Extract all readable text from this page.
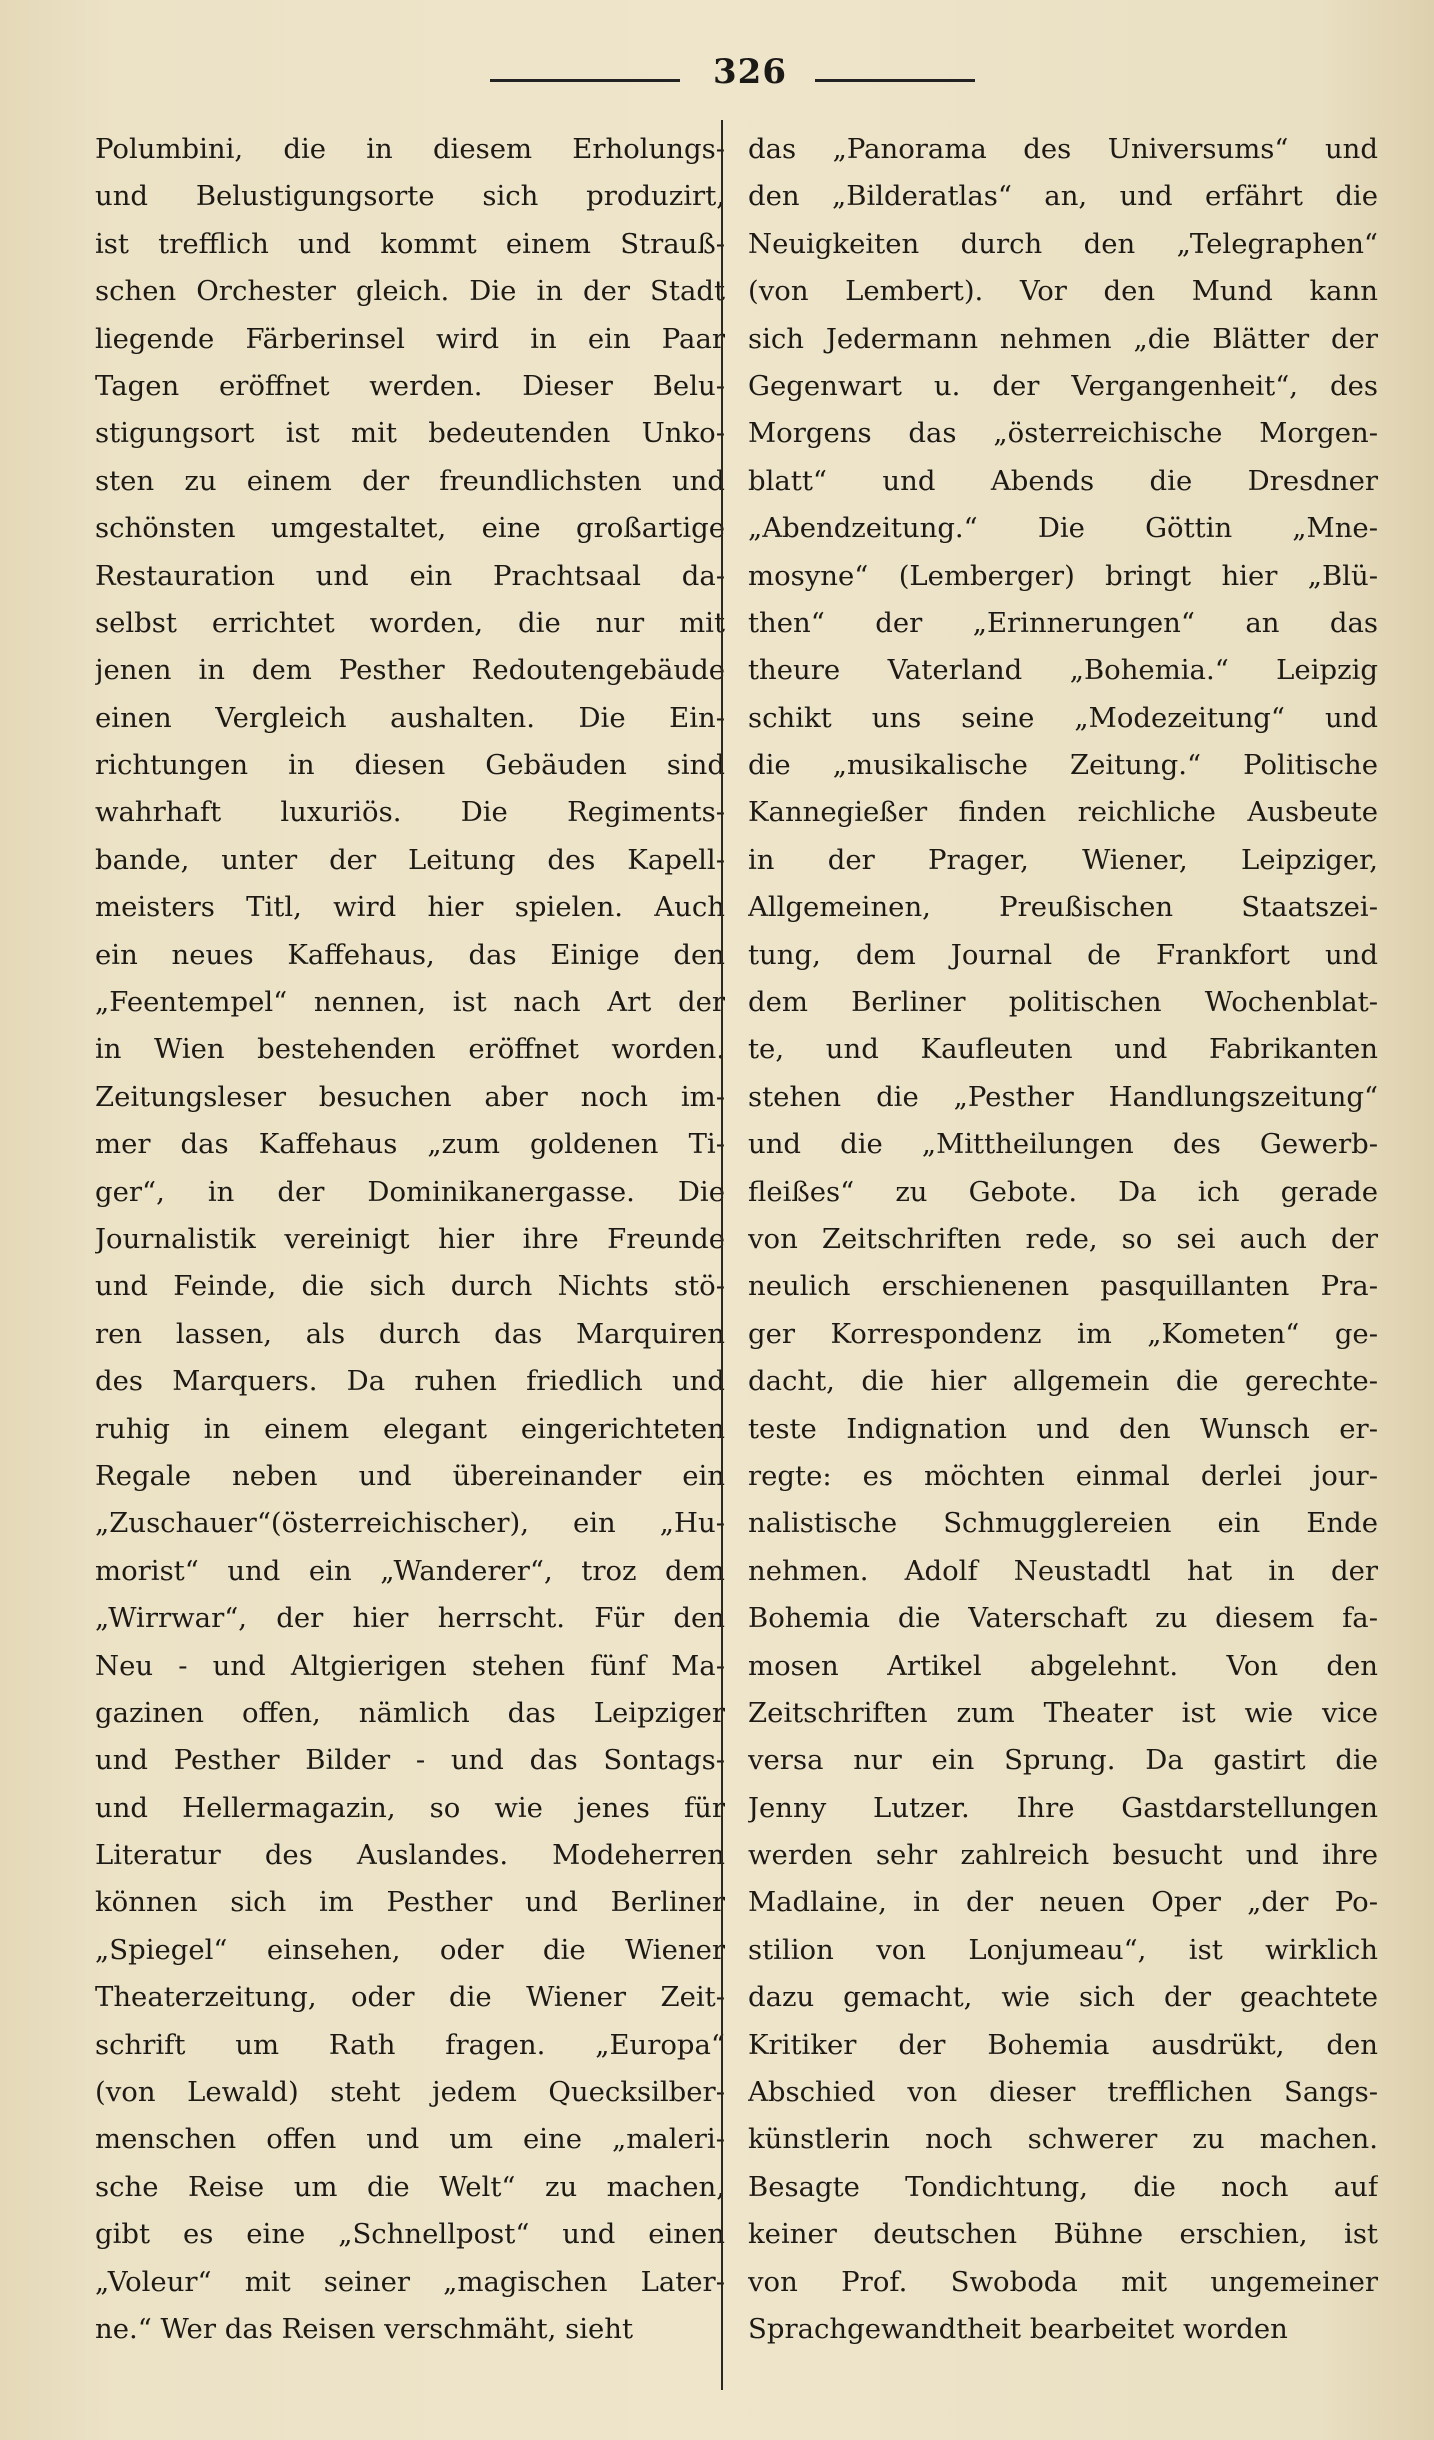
326
Polumbini, die in diesem Erholungs-
und Belustigungsorte sich produzirt,
ist trefflich und kommt einem Strauß-
schen Orchester gleich. Die in der Stadt
liegende Färberinsel wird in ein Paar
Tagen eröffnet werden. Dieser Belu-
stigungsort ist mit bedeutenden Unko-
sten zu einem der freundlichsten und
schönsten umgestaltet, eine großartige
Restauration und ein Prachtsaal da-
selbst errichtet worden, die nur mit
jenen in dem Pesther Redoutengebäude
einen Vergleich aushalten. Die Ein-
richtungen in diesen Gebäuden sind
wahrhaft luxuriös. Die Regiments-
bande, unter der Leitung des Kapell-
meisters Titl, wird hier spielen. Auch
ein neues Kaffehaus, das Einige den
„Feentempel“ nennen, ist nach Art der
in Wien bestehenden eröffnet worden.
Zeitungsleser besuchen aber noch im-
mer das Kaffehaus „zum goldenen Ti-
ger“, in der Dominikanergasse. Die
Journalistik vereinigt hier ihre Freunde
und Feinde, die sich durch Nichts stö-
ren lassen, als durch das Marquiren
des Marquers. Da ruhen friedlich und
ruhig in einem elegant eingerichteten
Regale neben und übereinander ein
„Zuschauer“(österreichischer), ein „Hu-
morist“ und ein „Wanderer“, troz dem
„Wirrwar“, der hier herrscht. Für den
Neu - und Altgierigen stehen fünf Ma-
gazinen offen, nämlich das Leipziger
und Pesther Bilder - und das Sontags-
und Hellermagazin, so wie jenes für
Literatur des Auslandes. Modeherren
können sich im Pesther und Berliner
„Spiegel“ einsehen, oder die Wiener
Theaterzeitung, oder die Wiener Zeit-
schrift um Rath fragen. „Europa“
(von Lewald) steht jedem Quecksilber-
menschen offen und um eine „maleri-
sche Reise um die Welt“ zu machen,
gibt es eine „Schnellpost“ und einen
„Voleur“ mit seiner „magischen Later-
ne.“ Wer das Reisen verschmäht, sieht
das „Panorama des Universums“ und
den „Bilderatlas“ an, und erfährt die
Neuigkeiten durch den „Telegraphen“
(von Lembert). Vor den Mund kann
sich Jedermann nehmen „die Blätter der
Gegenwart u. der Vergangenheit“, des
Morgens das „österreichische Morgen-
blatt“ und Abends die Dresdner
„Abendzeitung.“ Die Göttin „Mne-
mosyne“ (Lemberger) bringt hier „Blü-
then“ der „Erinnerungen“ an das
theure Vaterland „Bohemia.“ Leipzig
schikt uns seine „Modezeitung“ und
die „musikalische Zeitung.“ Politische
Kannegießer finden reichliche Ausbeute
in der Prager, Wiener, Leipziger,
Allgemeinen, Preußischen Staatszei-
tung, dem Journal de Frankfort und
dem Berliner politischen Wochenblat-
te, und Kaufleuten und Fabrikanten
stehen die „Pesther Handlungszeitung“
und die „Mittheilungen des Gewerb-
fleißes“ zu Gebote. Da ich gerade
von Zeitschriften rede, so sei auch der
neulich erschienenen pasquillanten Pra-
ger Korrespondenz im „Kometen“ ge-
dacht, die hier allgemein die gerechte-
teste Indignation und den Wunsch er-
regte: es möchten einmal derlei jour-
nalistische Schmugglereien ein Ende
nehmen. Adolf Neustadtl hat in der
Bohemia die Vaterschaft zu diesem fa-
mosen Artikel abgelehnt. Von den
Zeitschriften zum Theater ist wie vice
versa nur ein Sprung. Da gastirt die
Jenny Lutzer. Ihre Gastdarstellungen
werden sehr zahlreich besucht und ihre
Madlaine, in der neuen Oper „der Po-
stilion von Lonjumeau“, ist wirklich
dazu gemacht, wie sich der geachtete
Kritiker der Bohemia ausdrükt, den
Abschied von dieser trefflichen Sangs-
künstlerin noch schwerer zu machen.
Besagte Tondichtung, die noch auf
keiner deutschen Bühne erschien, ist
von Prof. Swoboda mit ungemeiner
Sprachgewandtheit bearbeitet worden
